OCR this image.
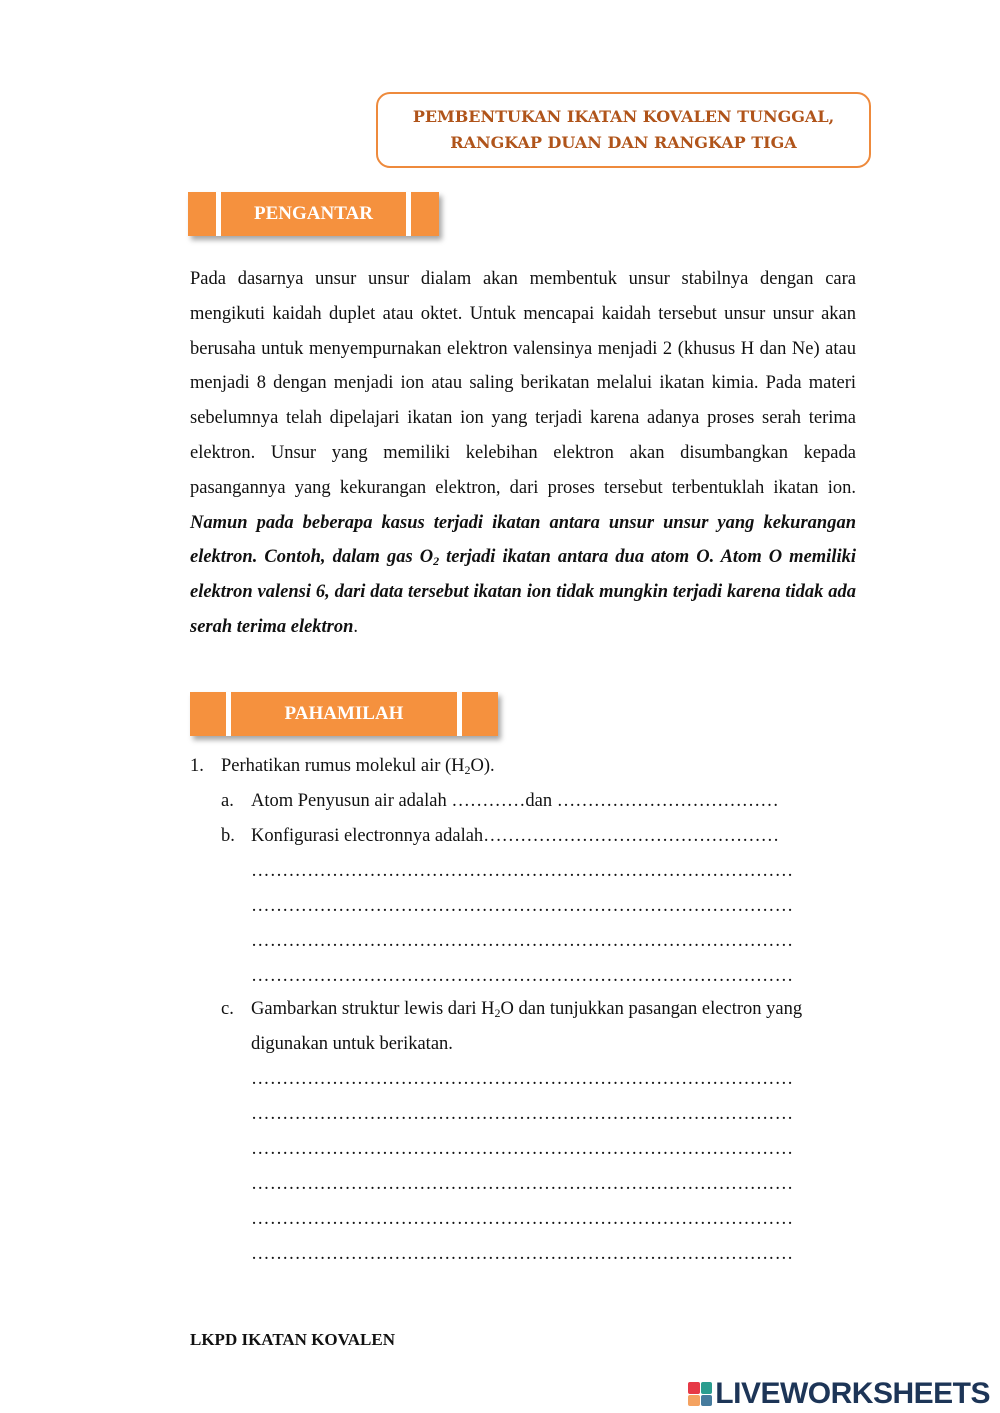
PEMBENTUKAN IKATAN KOVALEN TUNGGAL,
RANGKAP DUAN DAN RANGKAP TIGA
PENGANTAR
Pada dasarnya unsur unsur dialam akan membentuk unsur stabilnya dengan cara mengikuti kaidah duplet atau oktet. Untuk mencapai kaidah tersebut unsur unsur akan berusaha untuk menyempurnakan elektron valensinya menjadi 2 (khusus H dan Ne) atau menjadi 8 dengan menjadi ion atau saling berikatan melalui ikatan kimia. Pada materi sebelumnya telah dipelajari ikatan ion yang terjadi karena adanya proses serah terima elektron. Unsur yang memiliki kelebihan elektron akan disumbangkan kepada pasangannya yang kekurangan elektron, dari proses tersebut terbentuklah ikatan ion. Namun pada beberapa kasus terjadi ikatan antara unsur unsur yang kekurangan elektron. Contoh, dalam gas $O_2$ terjadi ikatan antara dua atom O. Atom O memiliki elektron valensi 6, dari data tersebut ikatan ion tidak mungkin terjadi karena tidak ada serah terima elektron.
PAHAMILAH
1. Perhatikan rumus molekul air $(H_2O)$.
a. Atom Penyusun air adalah …………dan ………………………………
b. Konfigurasi electronnya adalah…………………………………………
……………………………………………………………………………
……………………………………………………………………………
……………………………………………………………………………
……………………………………………………………………………
c. Gambarkan struktur lewis dari $H_2O$ dan tunjukkan pasangan electron yang
digunakan untuk berikatan.
……………………………………………………………………………
……………………………………………………………………………
……………………………………………………………………………
……………………………………………………………………………
……………………………………………………………………………
……………………………………………………………………………
LKPD IKATAN KOVALEN
LIVEWORKSHEETS
